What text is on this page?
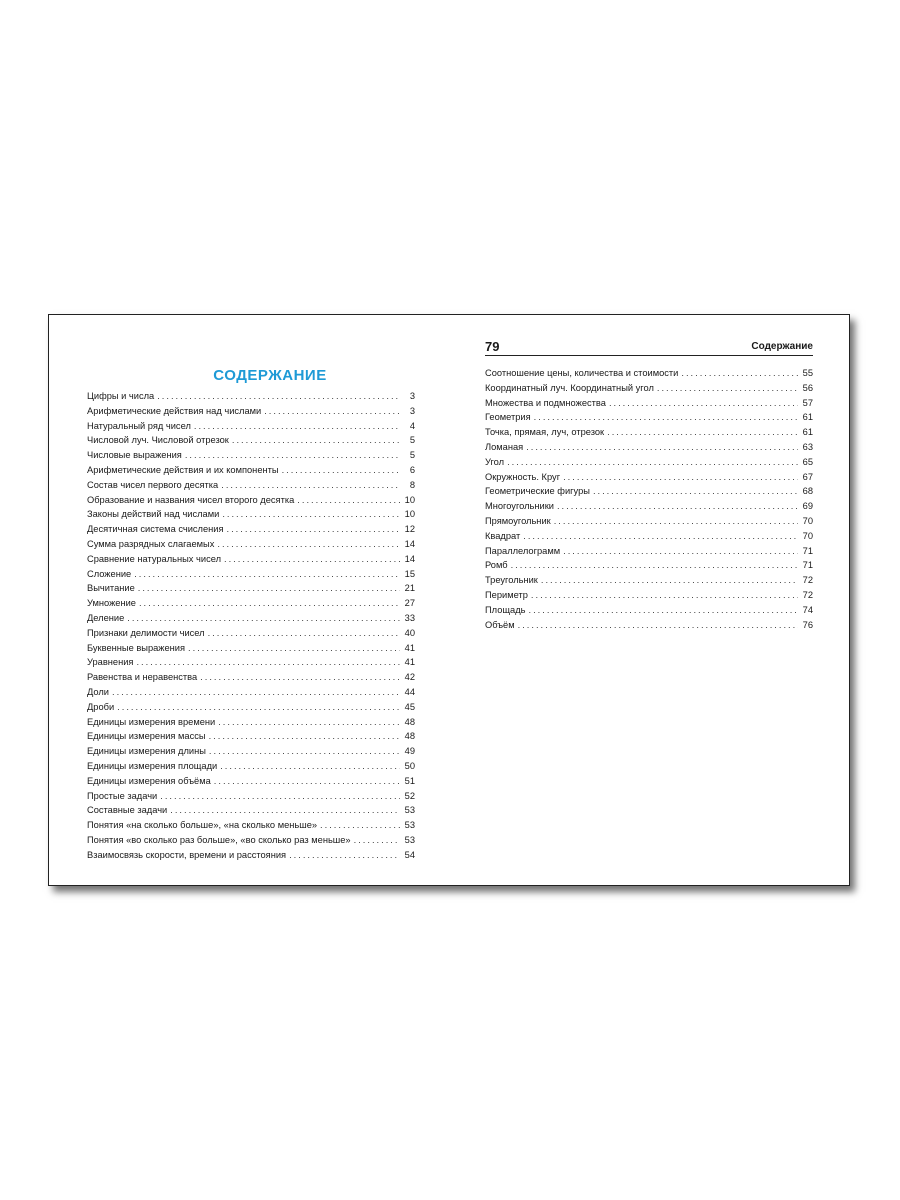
СОДЕРЖАНИЕ
Цифры и числа .....	3
Арифметические действия над числами .....	3
Натуральный ряд чисел .....	4
Числовой луч. Числовой отрезок .....	5
Числовые выражения .....	5
Арифметические действия и их компоненты .....	6
Состав чисел первого десятка .....	8
Образование и названия чисел второго десятка .....	10
Законы действий над числами .....	10
Десятичная система счисления .....	12
Сумма разрядных слагаемых .....	14
Сравнение натуральных чисел .....	14
Сложение .....	15
Вычитание .....	21
Умножение .....	27
Деление .....	33
Признаки делимости чисел .....	40
Буквенные выражения .....	41
Уравнения .....	41
Равенства и неравенства .....	42
Доли .....	44
Дроби .....	45
Единицы измерения времени .....	48
Единицы измерения массы .....	48
Единицы измерения длины .....	49
Единицы измерения площади .....	50
Единицы измерения объёма .....	51
Простые задачи .....	52
Составные задачи .....	53
Понятия «на сколько больше», «на сколько меньше» .....	53
Понятия «во сколько раз больше», «во сколько раз меньше» .....	53
Взаимосвязь скорости, времени и расстояния .....	54
79	Содержание
Соотношение цены, количества и стоимости .....	55
Координатный луч. Координатный угол .....	56
Множества и подмножества .....	57
Геометрия .....	61
Точка, прямая, луч, отрезок .....	61
Ломаная .....	63
Угол .....	65
Окружность. Круг .....	67
Геометрические фигуры .....	68
Многоугольники .....	69
Прямоугольник .....	70
Квадрат .....	70
Параллелограмм .....	71
Ромб .....	71
Треугольник .....	72
Периметр .....	72
Площадь .....	74
Объём .....	76
